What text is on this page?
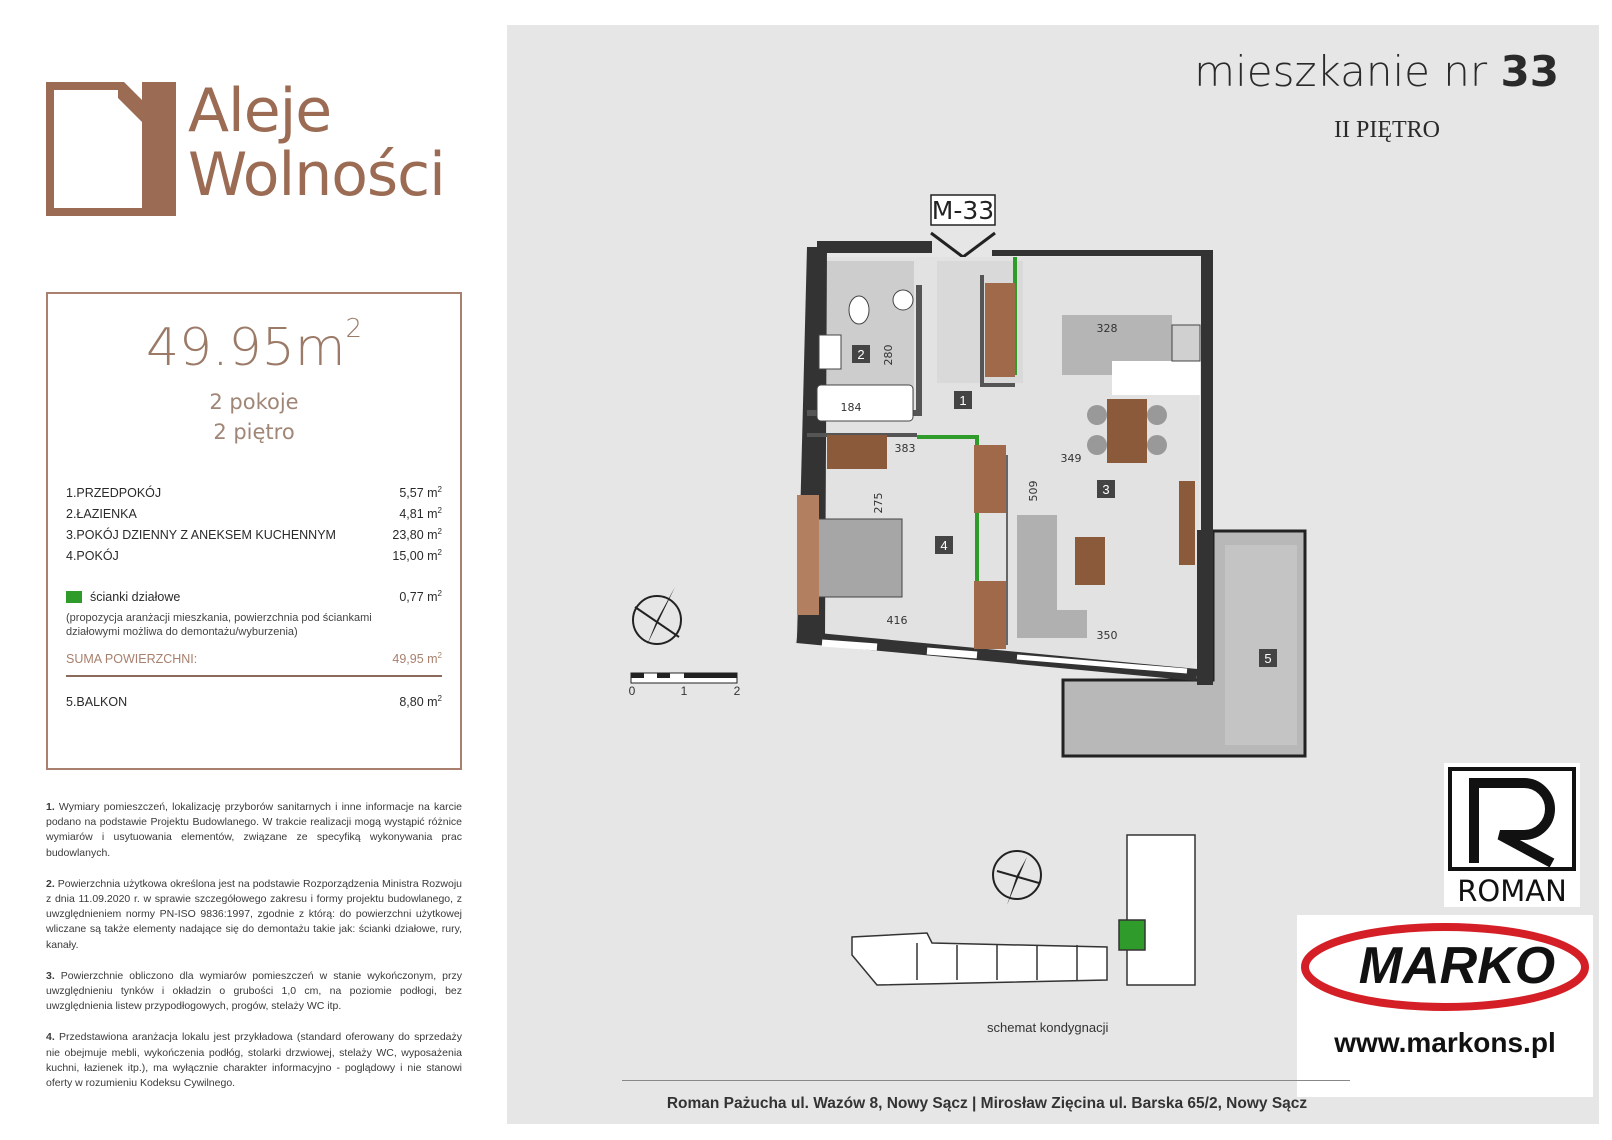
Aleje
Wolności
$49.95m^2$
2 pokoje
2 piętro
1.PRZEDPOKÓJ	5,57 $m^2$
2.ŁAZIENKA	4,81 $m^2$
3.POKÓJ DZIENNY Z ANEKSEM KUCHENNYM	23,80 $m^2$
4.POKÓJ	15,00 $m^2$
ścianki działowe	0,77 $m^2$
(propozycja aranżacji mieszkania, powierzchnia pod ściankami działowymi możliwa do demontażu/wyburzenia)
SUMA POWIERZCHNI:	49,95 $m^2$
5.BALKON	8,80 $m^2$

1. Wymiary pomieszczeń, lokalizację przyborów sanitarnych i inne informacje na karcie podano na podstawie Projektu Budowlanego. W trakcie realizacji mogą wystąpić różnice wymiarów i usytuowania elementów, związane ze specyfiką wykonywania prac budowlanych.

2. Powierzchnia użytkowa określona jest na podstawie Rozporządzenia Ministra Rozwoju z dnia 11.09.2020 r. w sprawie szczegółowego zakresu i formy projektu budowlanego, z uwzględnieniem normy PN-ISO 9836:1997, zgodnie z którą: do powierzchni użytkowej wliczane są także elementy nadające się do demontażu takie jak: ścianki działowe, rury, kanały.

3. Powierzchnie obliczono dla wymiarów pomieszczeń w stanie wykończonym, przy uwzględnieniu tynków i okładzin o grubości 1,0 cm, na poziomie podłogi, bez uwzględnienia listew przypodłogowych, progów, stelaży WC itp.

4. Przedstawiona aranżacja lokalu jest przykładowa (standard oferowany do sprzedaży nie obejmuje mebli, wykończenia podłóg, stolarki drzwiowej, stelaży WC, wyposażenia kuchni, łazienek itp.), ma wyłącznie charakter informacyjno - poglądowy i nie stanowi oferty w rozumieniu Kodeksu Cywilnego.

mieszkanie nr 33
II PIĘTRO
M-33
1
2
3
4
5
328
280
184
383
349
509
275
416
350
0	1	2
schemat kondygnacji
ROMAN
MARKO
www.markons.pl
Roman Pażucha ul. Wazów 8, Nowy Sącz | Mirosław Zięcina ul. Barska 65/2, Nowy Sącz
